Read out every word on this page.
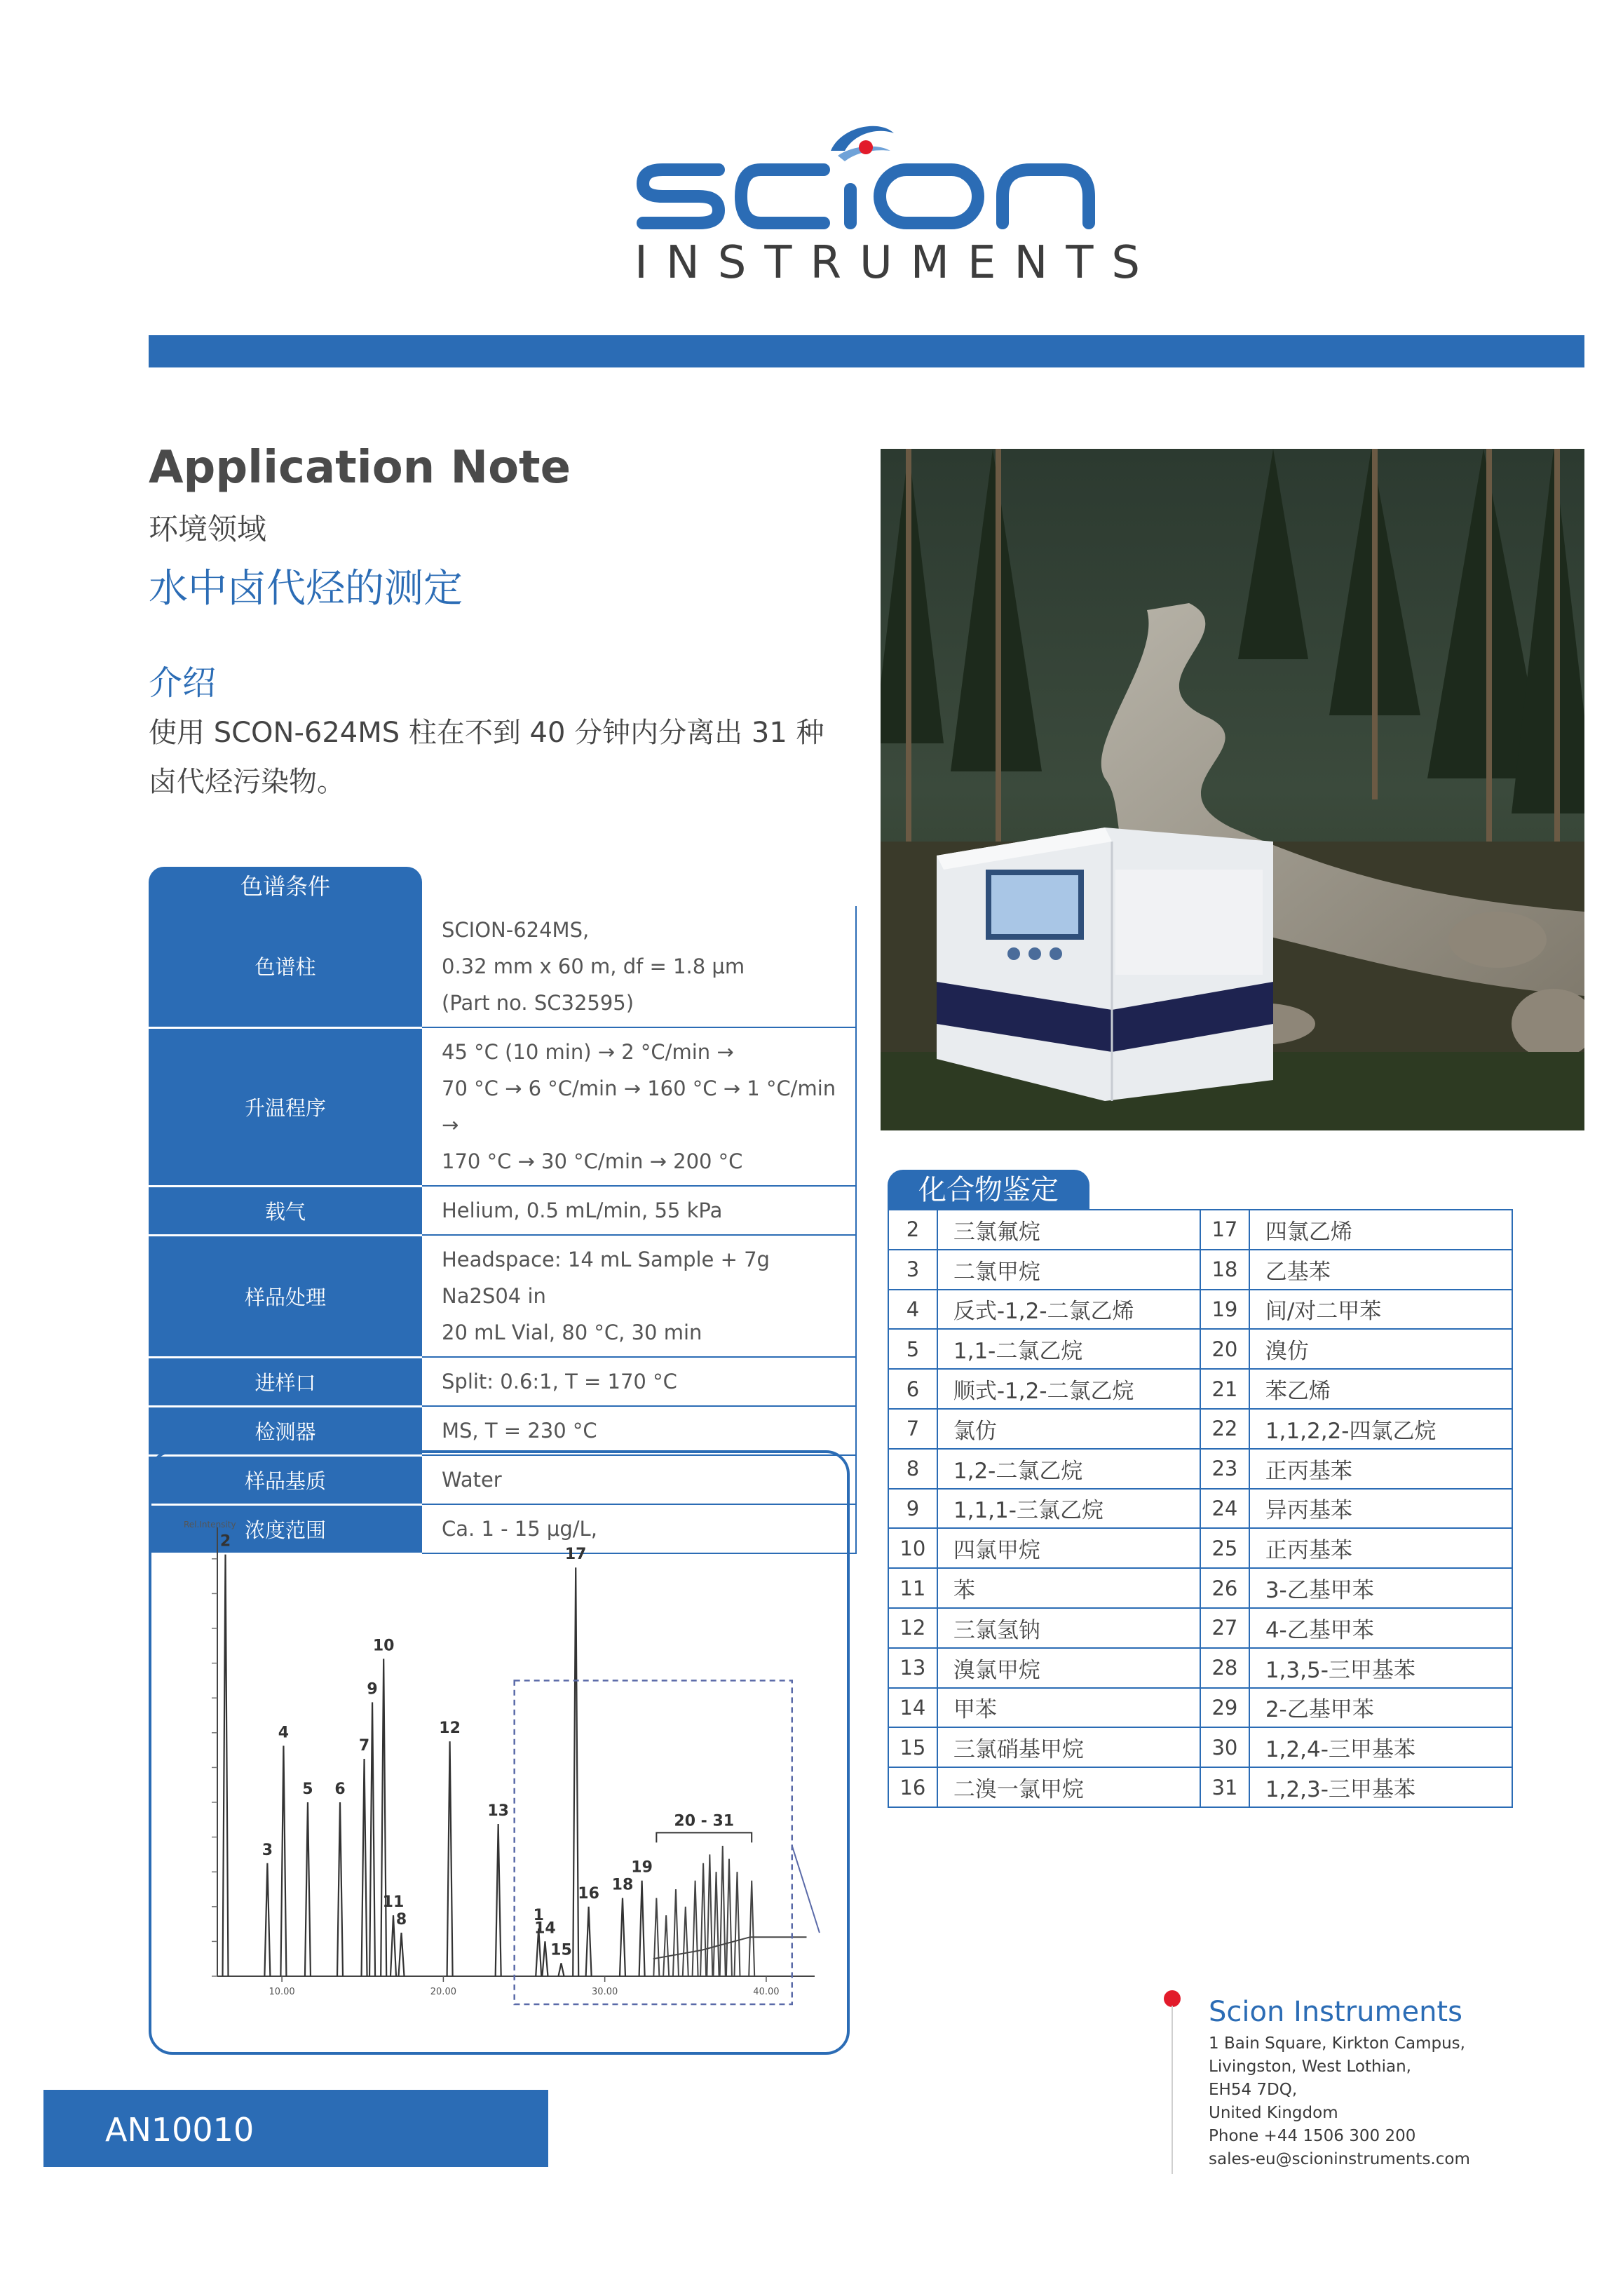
INSTRUMENTS
Application Note
环境领域
水中卤代烃的测定
介绍
使用 SCON-624MS 柱在不到 40 分钟内分离出 31 种卤代烃污染物。
色谱条件
色谱柱	SCION-624MS,
0.32 mm x 60 m, df = 1.8 μm
(Part no. SC32595)

升温程序	45 °C (10 min) → 2 °C/min →
70 °C → 6 °C/min → 160 °C → 1 °C/min →
170 °C → 30 °C/min → 200 °C

载气	Helium, 0.5 mL/min, 55 kPa

样品处理	Headspace: 14 mL Sample + 7g Na2S04 in
20 mL Vial, 80 °C, 30 min

进样口	Split: 0.6:1, T = 170 °C

检测器	MS, T = 230 °C

样品基质	Water

浓度范围	Ca. 1 - 15 μg/L,
化合物鉴定
2	三氯氟烷	17	四氯乙烯
3	二氯甲烷	18	乙基苯
4	反式-1,2-二氯乙烯	19	间/对二甲苯
5	1,1-二氯乙烷	20	溴仿
6	顺式-1,2-二氯乙烷	21	苯乙烯
7	氯仿	22	1,1,2,2-四氯乙烷
8	1,2-二氯乙烷	23	正丙基苯
9	1,1,1-三氯乙烷	24	异丙基苯
10	四氯甲烷	25	正丙基苯
11	苯	26	3-乙基甲苯
12	三氯氢钠	27	4-乙基甲苯
13	溴氯甲烷	28	1,3,5-三甲基苯
14	甲苯	29	2-乙基甲苯
15	三氯硝基甲烷	30	1,2,4-三甲基苯
16	二溴一氯甲烷	31	1,2,3-三甲基苯
Rel.Intensity
10.00	20.00	30.00	40.00
2
3
4
5 6
7
9
10
11
8
12
13
1
14
15
17
16 18
19
20 - 31
AN10010
Scion Instruments
1 Bain Square, Kirkton Campus,
Livingston, West Lothian,
EH54 7DQ,
United Kingdom
Phone +44 1506 300 200
sales-eu@scioninstruments.com
